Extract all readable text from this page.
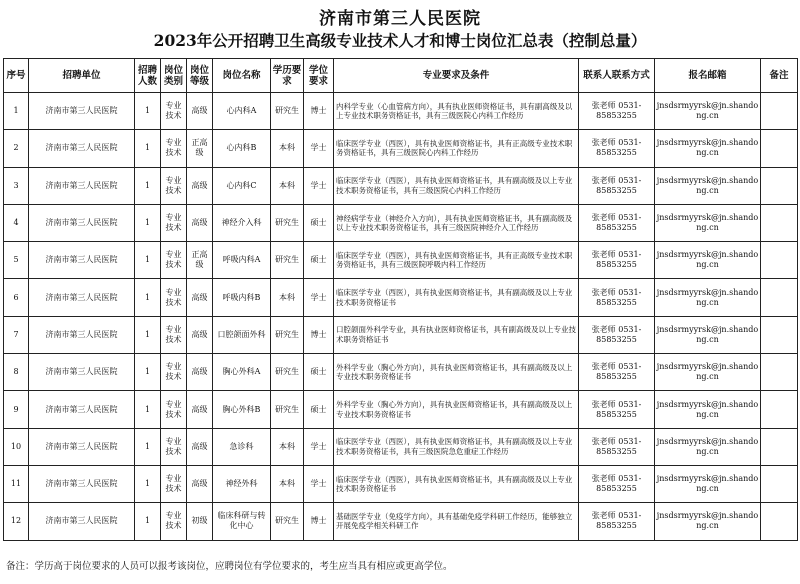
济南市第三人民医院
2023年公开招聘卫生高级专业技术人才和博士岗位汇总表（控制总量）
序号	招聘单位	招聘人数	岗位类别	岗位等级	岗位名称	学历要求	学位要求	专业要求及条件	联系人联系方式	报名邮箱	备注
1	济南市第三人民医院	1	专业技术	高级	心内科A	研究生	博士	内科学专业（心血管病方向），具有执业医师资格证书，具有副高级及以上专业技术职务资格证书，具有三级医院心内科工作经历	张老师 0531-85853255	jnsdsrmyyrsk@jn.shandong.cn	
2	济南市第三人民医院	1	专业技术	正高级	心内科B	本科	学士	临床医学专业（西医），具有执业医师资格证书，具有正高级专业技术职务资格证书，具有三级医院心内科工作经历	张老师 0531-85853255	jnsdsrmyyrsk@jn.shandong.cn	
3	济南市第三人民医院	1	专业技术	高级	心内科C	本科	学士	临床医学专业（西医），具有执业医师资格证书，具有副高级及以上专业技术职务资格证书，具有三级医院心内科工作经历	张老师 0531-85853255	jnsdsrmyyrsk@jn.shandong.cn	
4	济南市第三人民医院	1	专业技术	高级	神经介入科	研究生	硕士	神经病学专业（神经介入方向），具有执业医师资格证书，具有副高级及以上专业技术职务资格证书，具有三级医院神经介入工作经历	张老师 0531-85853255	jnsdsrmyyrsk@jn.shandong.cn	
5	济南市第三人民医院	1	专业技术	正高级	呼吸内科A	研究生	硕士	临床医学专业（西医），具有执业医师资格证书，具有正高级专业技术职务资格证书，具有三级医院呼吸内科工作经历	张老师 0531-85853255	jnsdsrmyyrsk@jn.shandong.cn	
6	济南市第三人民医院	1	专业技术	高级	呼吸内科B	本科	学士	临床医学专业（西医），具有执业医师资格证书，具有副高级及以上专业技术职务资格证书	张老师 0531-85853255	jnsdsrmyyrsk@jn.shandong.cn	
7	济南市第三人民医院	1	专业技术	高级	口腔颌面外科	研究生	博士	口腔颌面外科学专业，具有执业医师资格证书，具有副高级及以上专业技术职务资格证书	张老师 0531-85853255	jnsdsrmyyrsk@jn.shandong.cn	
8	济南市第三人民医院	1	专业技术	高级	胸心外科A	研究生	硕士	外科学专业（胸心外方向），具有执业医师资格证书，具有副高级及以上专业技术职务资格证书	张老师 0531-85853255	jnsdsrmyyrsk@jn.shandong.cn	
9	济南市第三人民医院	1	专业技术	高级	胸心外科B	研究生	硕士	外科学专业（胸心外方向），具有执业医师资格证书，具有副高级及以上专业技术职务资格证书	张老师 0531-85853255	jnsdsrmyyrsk@jn.shandong.cn	
10	济南市第三人民医院	1	专业技术	高级	急诊科	本科	学士	临床医学专业（西医），具有执业医师资格证书，具有副高级及以上专业技术职务资格证书，具有三级医院急危重症工作经历	张老师 0531-85853255	jnsdsrmyyrsk@jn.shandong.cn	
11	济南市第三人民医院	1	专业技术	高级	神经外科	本科	学士	临床医学专业（西医），具有执业医师资格证书，具有副高级及以上专业技术职务资格证书	张老师 0531-85853255	jnsdsrmyyrsk@jn.shandong.cn	
12	济南市第三人民医院	1	专业技术	初级	临床科研与转化中心	研究生	博士	基础医学专业（免疫学方向），具有基础免疫学科研工作经历，能够独立开展免疫学相关科研工作	张老师 0531-85853255	jnsdsrmyyrsk@jn.shandong.cn	
备注：学历高于岗位要求的人员可以报考该岗位，应聘岗位有学位要求的，考生应当具有相应或更高学位。
